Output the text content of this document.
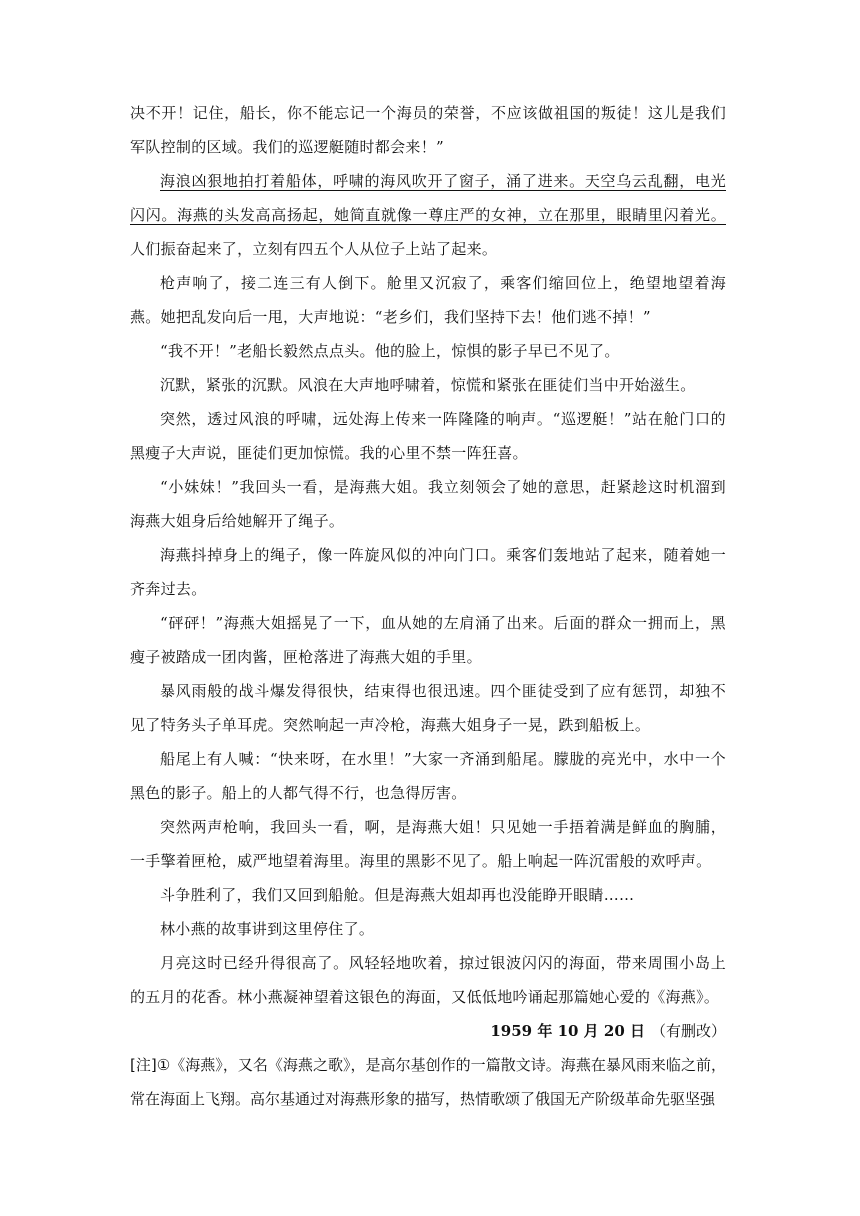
决不开！记住，船长，你不能忘记一个海员的荣誉，不应该做祖国的叛徒！这儿是我们军队控制的区域。我们的巡逻艇随时都会来！”

海浪凶狠地拍打着船体，呼啸的海风吹开了窗子，涌了进来。天空乌云乱翻，电光闪闪。海燕的头发高高扬起，她简直就像一尊庄严的女神，立在那里，眼睛里闪着光。人们振奋起来了，立刻有四五个人从位子上站了起来。

枪声响了，接二连三有人倒下。舱里又沉寂了，乘客们缩回位上，绝望地望着海燕。她把乱发向后一甩，大声地说：“老乡们，我们坚持下去！他们逃不掉！”

“我不开！”老船长毅然点点头。他的脸上，惊惧的影子早已不见了。

沉默，紧张的沉默。风浪在大声地呼啸着，惊慌和紧张在匪徒们当中开始滋生。

突然，透过风浪的呼啸，远处海上传来一阵隆隆的响声。“巡逻艇！”站在舱门口的黑瘦子大声说，匪徒们更加惊慌。我的心里不禁一阵狂喜。

“小妹妹！”我回头一看，是海燕大姐。我立刻领会了她的意思，赶紧趁这时机溜到海燕大姐身后给她解开了绳子。

海燕抖掉身上的绳子，像一阵旋风似的冲向门口。乘客们轰地站了起来，随着她一齐奔过去。

“砰砰！”海燕大姐摇晃了一下，血从她的左肩涌了出来。后面的群众一拥而上，黑瘦子被踏成一团肉酱，匣枪落进了海燕大姐的手里。

暴风雨般的战斗爆发得很快，结束得也很迅速。四个匪徒受到了应有惩罚，却独不见了特务头子单耳虎。突然响起一声冷枪，海燕大姐身子一晃，跌到船板上。

船尾上有人喊：“快来呀，在水里！”大家一齐涌到船尾。朦胧的亮光中，水中一个黑色的影子。船上的人都气得不行，也急得厉害。

突然两声枪响，我回头一看，啊，是海燕大姐！只见她一手捂着满是鲜血的胸脯，一手擎着匣枪，威严地望着海里。海里的黑影不见了。船上响起一阵沉雷般的欢呼声。

斗争胜利了，我们又回到船舱。但是海燕大姐却再也没能睁开眼睛……

林小燕的故事讲到这里停住了。

月亮这时已经升得很高了。风轻轻地吹着，掠过银波闪闪的海面，带来周围小岛上的五月的花香。林小燕凝神望着这银色的海面，又低低地吟诵起那篇她心爱的《海燕》。

1959 年 10 月 20 日 （有删改）

[注]①《海燕》，又名《海燕之歌》，是高尔基创作的一篇散文诗。海燕在暴风雨来临之前，常在海面上飞翔。高尔基通过对海燕形象的描写，热情歌颂了俄国无产阶级革命先驱坚强
